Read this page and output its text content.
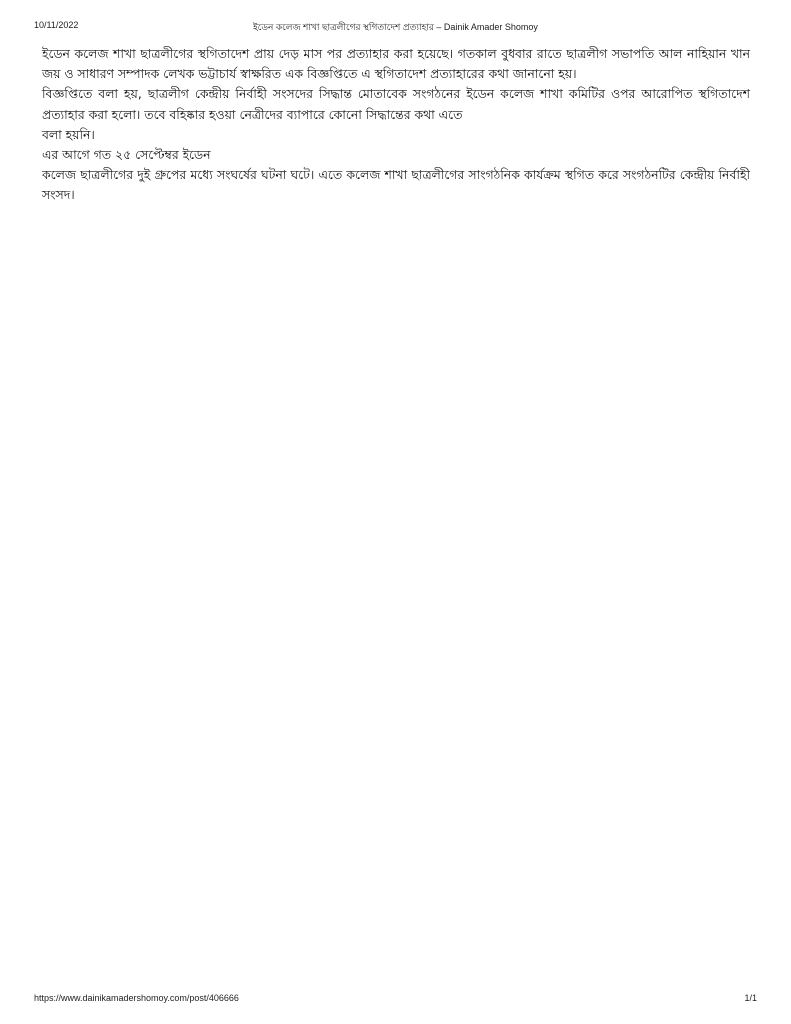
10/11/2022	ইডেন কলেজ শাখা ছাত্রলীগের স্থগিতাদেশ প্রত্যাহার – Dainik Amader Shomoy

ইডেন কলেজ শাখা ছাত্রলীগের স্থগিতাদেশ প্রায় দেড় মাস পর প্রত্যাহার করা হয়েছে। গতকাল বুধবার রাতে ছাত্রলীগ সভাপতি আল নাহিয়ান খান জয় ও সাধারণ সম্পাদক লেখক ভট্টাচার্য স্বাক্ষরিত এক বিজ্ঞপ্তিতে এ স্থগিতাদেশ প্রত্যাহারের কথা জানানো হয়।

বিজ্ঞপ্তিতে বলা হয়, ছাত্রলীগ কেন্দ্রীয় নির্বাহী সংসদের সিদ্ধান্ত মোতাবেক সংগঠনের ইডেন কলেজ শাখা কমিটির ওপর আরোপিত স্থগিতাদেশ প্রত্যাহার করা হলো। তবে বহিষ্কার হওয়া নেত্রীদের ব্যাপারে কোনো সিদ্ধান্তের কথা এতে

বলা হয়নি।

এর আগে গত ২৫ সেপ্টেম্বর ইডেন

কলেজ ছাত্রলীগের দুই গ্রুপের মধ্যে সংঘর্ষের ঘটনা ঘটে। এতে কলেজ শাখা ছাত্রলীগের সাংগঠনিক কার্যক্রম স্থগিত করে সংগঠনটির কেন্দ্রীয় নির্বাহী সংসদ।

https://www.dainikamadershomoy.com/post/406666	1/1
